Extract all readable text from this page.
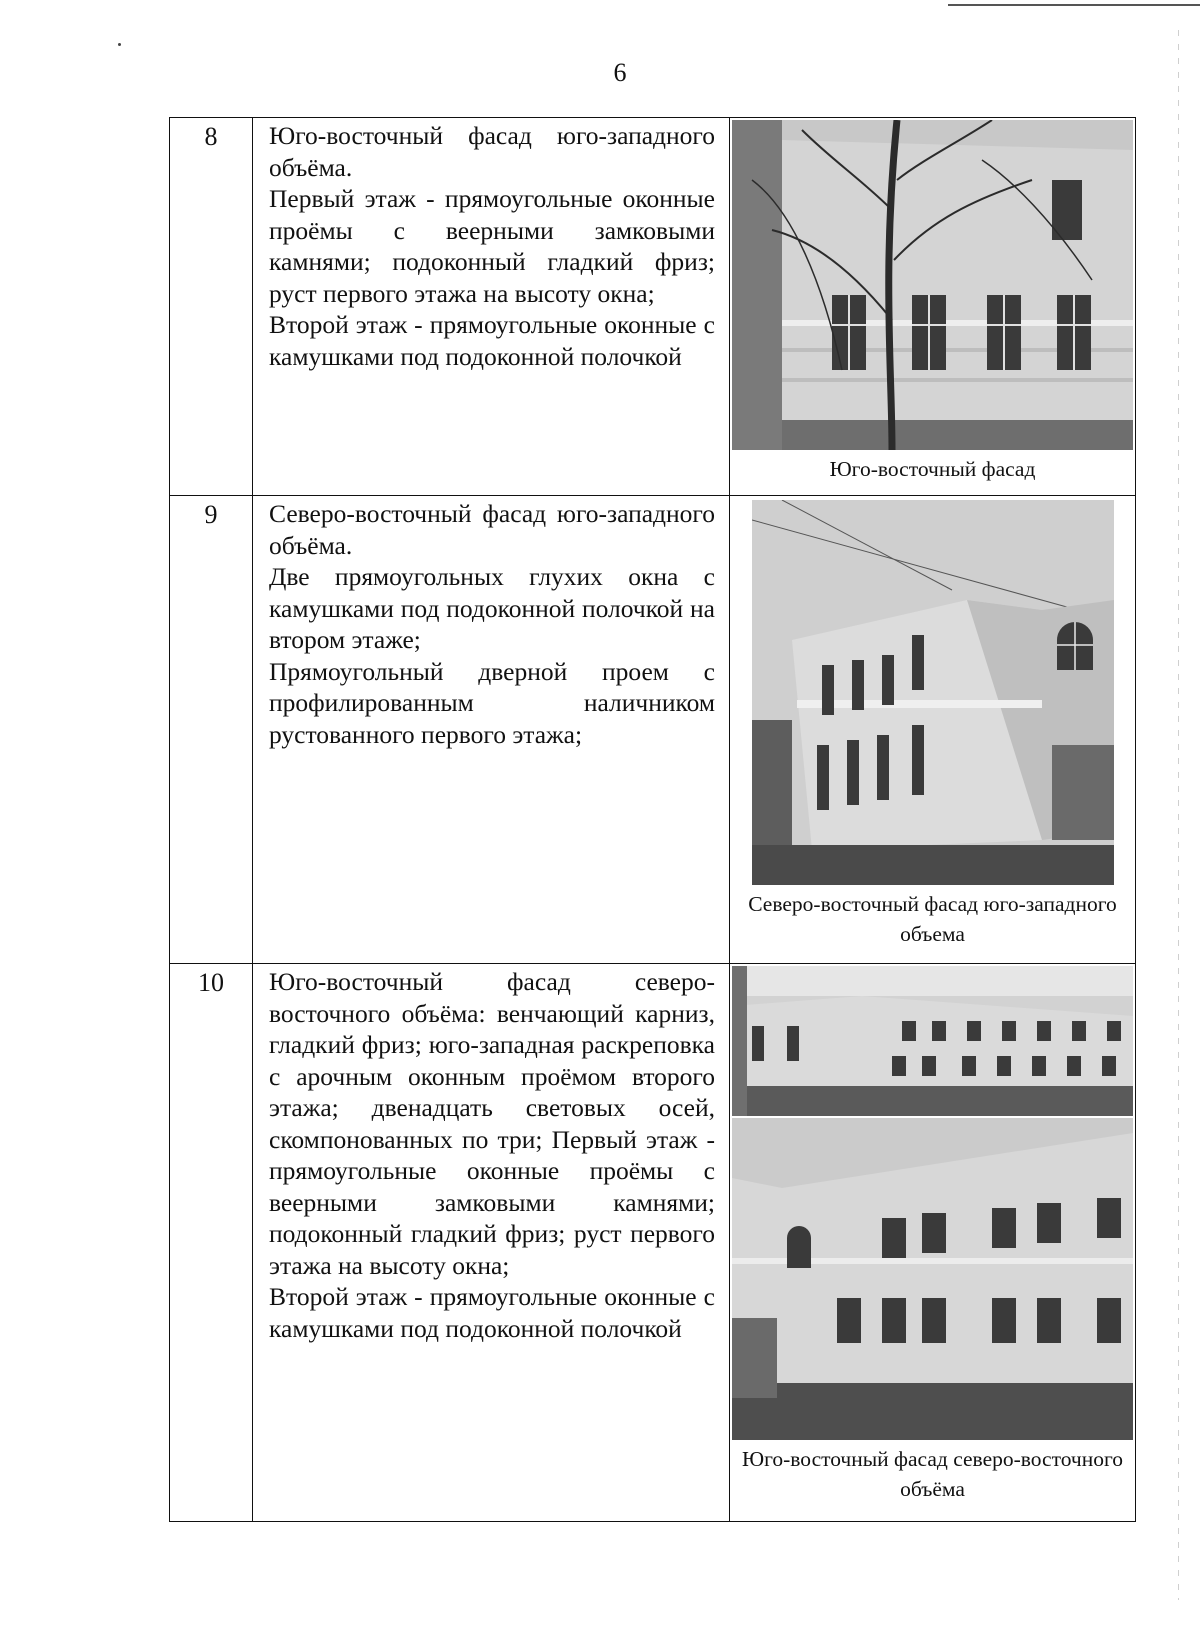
6
8	Юго-восточный фасад юго-западного объёма.

Первый этаж - прямоугольные оконные проёмы с веерными замковыми камнями; подоконный гладкий фриз; руст первого этажа на высоту окна;

Второй этаж - прямоугольные оконные с камушками под подоконной полочкой	Юго-восточный фасад

9	Северо-восточный фасад юго-западного объёма.

Две прямоугольных глухих окна с камушками под подоконной полочкой на втором этаже;

Прямоугольный дверной проем с профилированным наличником рустованного первого этажа;	Северо-восточный фасад юго-западного объема

10	Юго-восточный фасад северо-восточного объёма: венчающий карниз, гладкий фриз; юго-западная раскреповка с арочным оконным проёмом второго этажа; двенадцать световых осей, скомпонованных по три; Первый этаж - прямоугольные оконные проёмы с веерными замковыми камнями; подоконный гладкий фриз; руст первого этажа на высоту окна;

Второй этаж - прямоугольные оконные с камушками под подоконной полочкой	Юго-восточный фасад северо-восточного объёма
